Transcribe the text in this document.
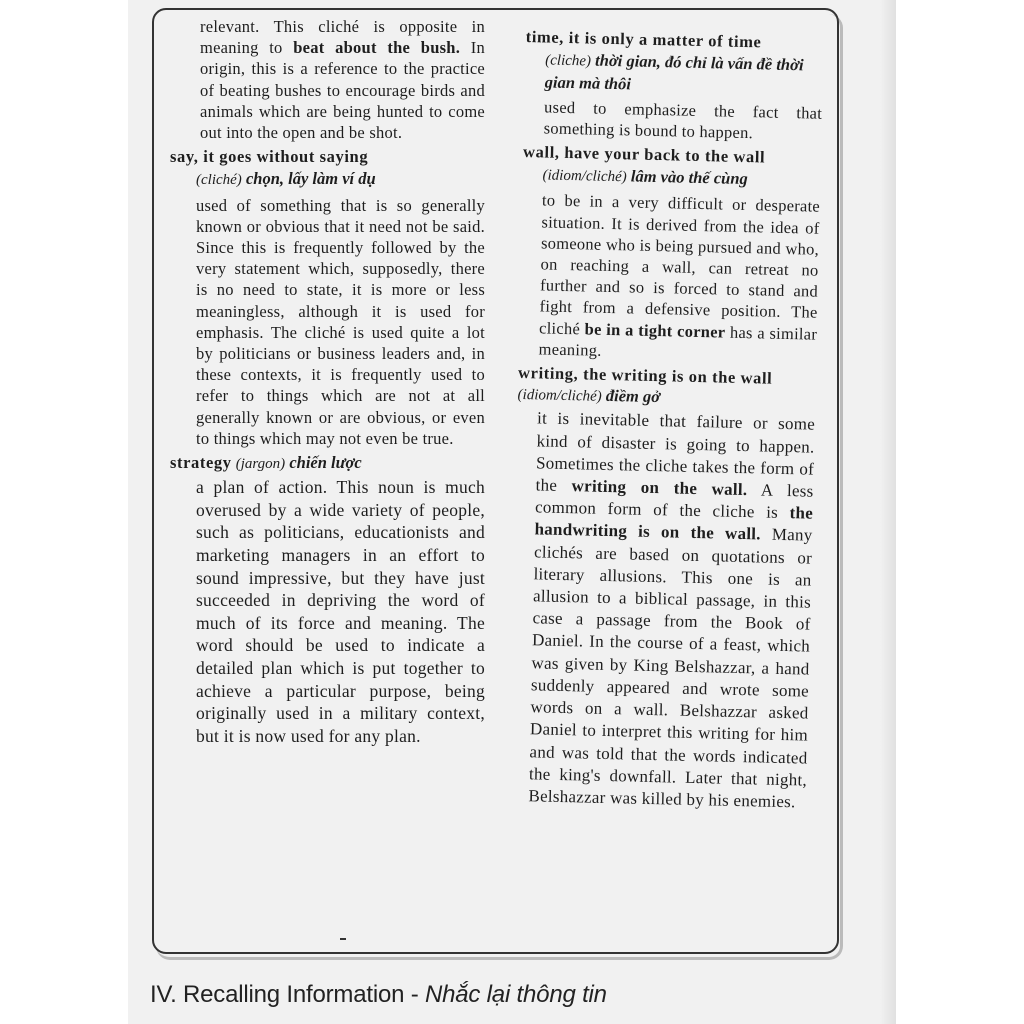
relevant. This cliché is opposite in meaning to beat about the bush. In origin, this is a reference to the practice of beating bushes to encourage birds and animals which are being hunted to come out into the open and be shot.

say, it goes without saying
(cliché) chọn, lấy làm ví dụ

used of something that is so generally known or obvious that it need not be said. Since this is frequently followed by the very statement which, supposedly, there is no need to state, it is more or less meaningless, although it is used for emphasis. The cliché is used quite a lot by politicians or business leaders and, in these contexts, it is frequently used to refer to things which are not at all generally known or are obvious, or even to things which may not even be true.

strategy (jargon) chiến lược

a plan of action. This noun is much overused by a wide variety of people, such as politicians, educationists and marketing managers in an effort to sound impressive, but they have just succeeded in depriving the word of much of its force and meaning. The word should be used to indicate a detailed plan which is put together to achieve a particular purpose, being originally used in a military context, but it is now used for any plan.

time, it is only a matter of time
(cliche) thời gian, đó chỉ là vấn đề thời gian mà thôi

used to emphasize the fact that something is bound to happen.

wall, have your back to the wall
(idiom/cliché) lâm vào thế cùng

to be in a very difficult or desperate situation. It is derived from the idea of someone who is being pursued and who, on reaching a wall, can retreat no further and so is forced to stand and fight from a defensive position. The cliché be in a tight corner has a similar meaning.

writing, the writing is on the wall (idiom/cliché) điềm gở

it is inevitable that failure or some kind of disaster is going to happen. Sometimes the cliche takes the form of the writing on the wall. A less common form of the cliche is the handwriting is on the wall. Many clichés are based on quotations or literary allusions. This one is an allusion to a biblical passage, in this case a passage from the Book of Daniel. In the course of a feast, which was given by King Belshazzar, a hand suddenly appeared and wrote some words on a wall. Belshazzar asked Daniel to interpret this writing for him and was told that the words indicated the king's downfall. Later that night, Belshazzar was killed by his enemies.

IV. Recalling Information - Nhắc lại thông tin
